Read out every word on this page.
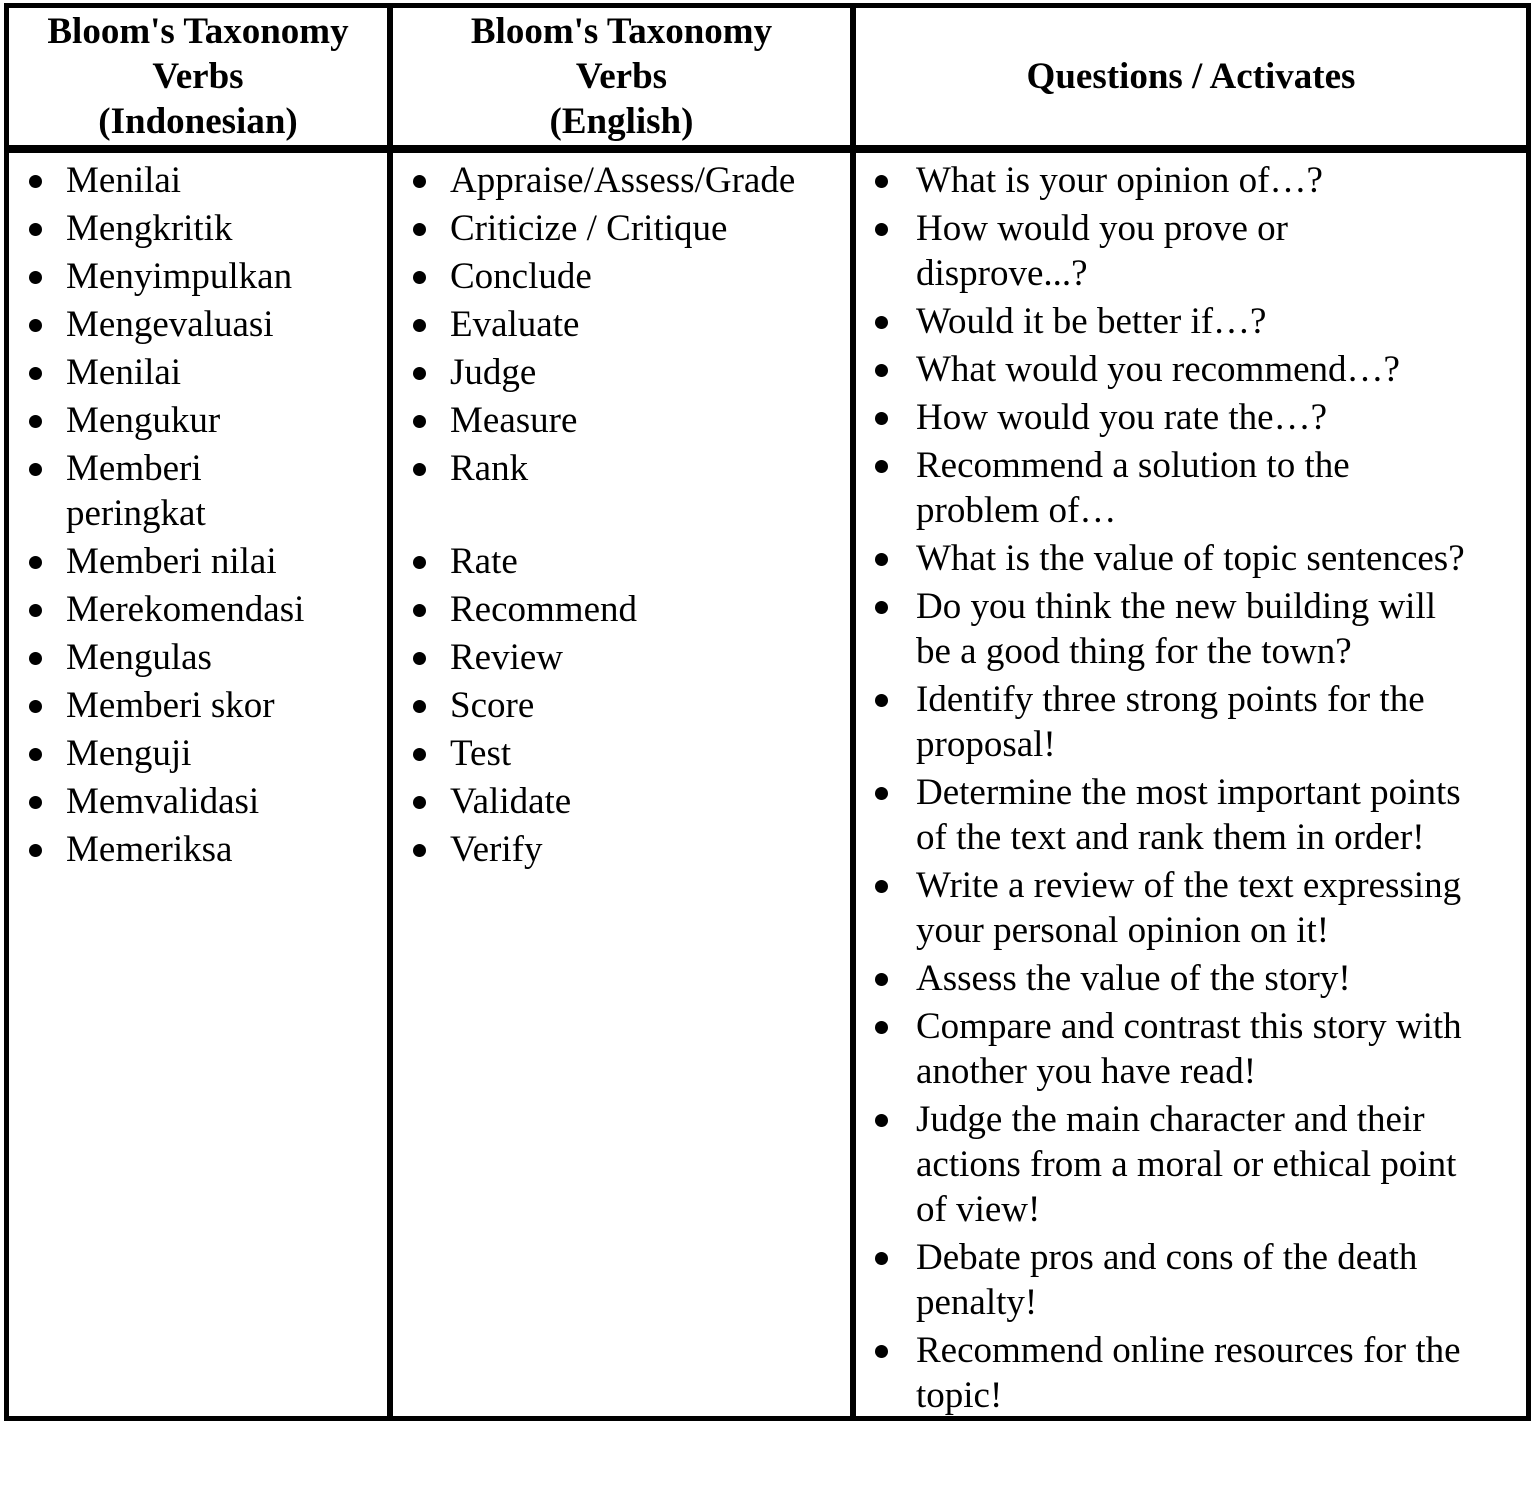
Bloom's Taxonomy
Verbs
(Indonesian)
Bloom's Taxonomy
Verbs
(English)
Questions / Activates
Menilai
Mengkritik
Menyimpulkan
Mengevaluasi
Menilai
Mengukur
Memberi
peringkat
Memberi nilai
Merekomendasi
Mengulas
Memberi skor
Menguji
Memvalidasi
Memeriksa
Appraise/Assess/Grade
Criticize / Critique
Conclude
Evaluate
Judge
Measure
Rank
Rate
Recommend
Review
Score
Test
Validate
Verify
What is your opinion of…?
How would you prove or
disprove...?
Would it be better if…?
What would you recommend…?
How would you rate the…?
Recommend a solution to the
problem of…
What is the value of topic sentences?
Do you think the new building will
be a good thing for the town?
Identify three strong points for the
proposal!
Determine the most important points
of the text and rank them in order!
Write a review of the text expressing
your personal opinion on it!
Assess the value of the story!
Compare and contrast this story with
another you have read!
Judge the main character and their
actions from a moral or ethical point
of view!
Debate pros and cons of the death
penalty!
Recommend online resources for the
topic!
